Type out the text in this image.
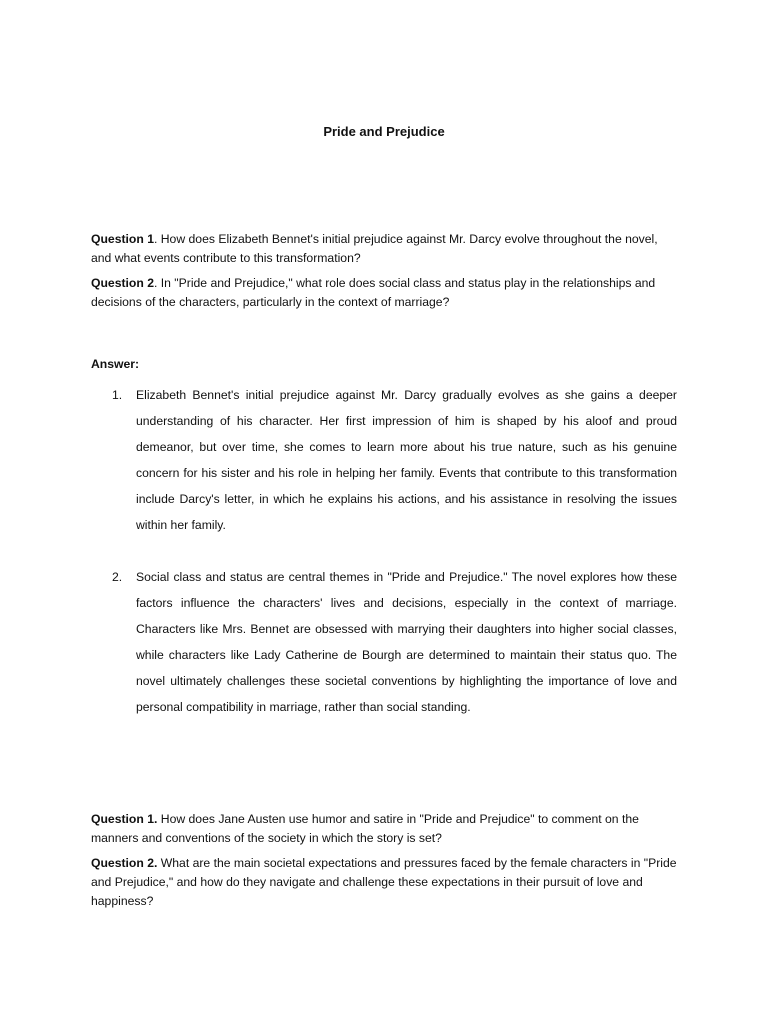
Pride and Prejudice

Question 1. How does Elizabeth Bennet's initial prejudice against Mr. Darcy evolve throughout the novel, and what events contribute to this transformation?

Question 2. In "Pride and Prejudice," what role does social class and status play in the relationships and decisions of the characters, particularly in the context of marriage?

Answer:
1. Elizabeth Bennet's initial prejudice against Mr. Darcy gradually evolves as she gains a deeper understanding of his character. Her first impression of him is shaped by his aloof and proud demeanor, but over time, she comes to learn more about his true nature, such as his genuine concern for his sister and his role in helping her family. Events that contribute to this transformation include Darcy's letter, in which he explains his actions, and his assistance in resolving the issues within her family.
2. Social class and status are central themes in "Pride and Prejudice." The novel explores how these factors influence the characters' lives and decisions, especially in the context of marriage. Characters like Mrs. Bennet are obsessed with marrying their daughters into higher social classes, while characters like Lady Catherine de Bourgh are determined to maintain their status quo. The novel ultimately challenges these societal conventions by highlighting the importance of love and personal compatibility in marriage, rather than social standing.

Question 1. How does Jane Austen use humor and satire in "Pride and Prejudice" to comment on the manners and conventions of the society in which the story is set?

Question 2. What are the main societal expectations and pressures faced by the female characters in "Pride and Prejudice," and how do they navigate and challenge these expectations in their pursuit of love and happiness?
